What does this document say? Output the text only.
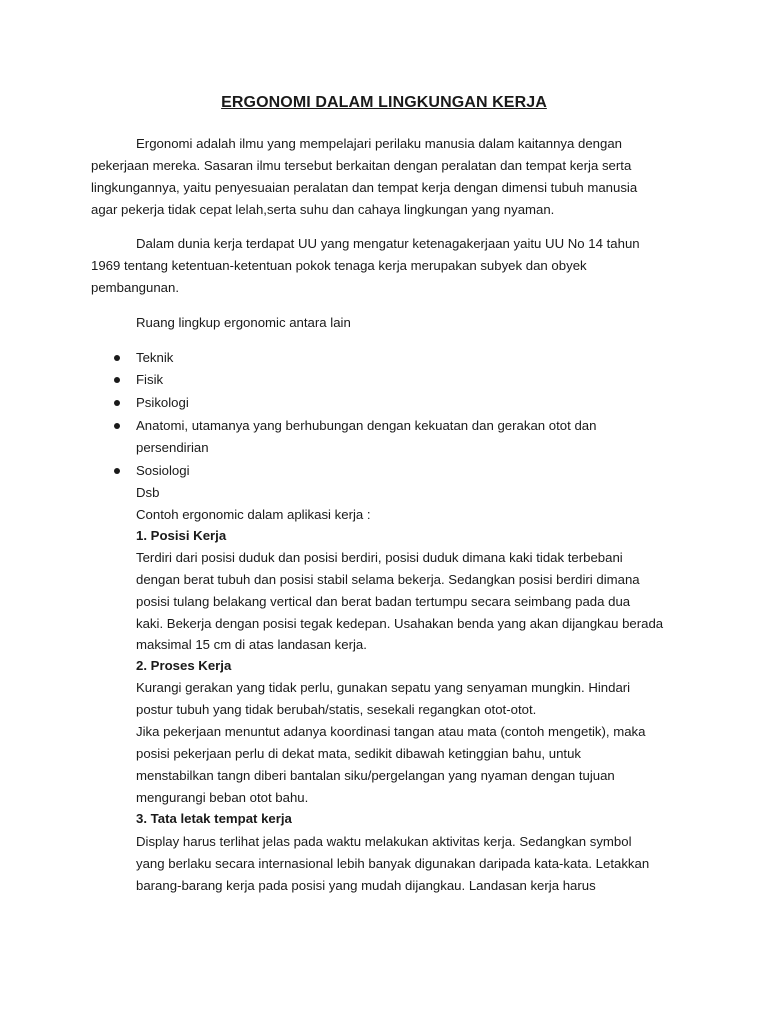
ERGONOMI DALAM LINGKUNGAN KERJA
Ergonomi adalah ilmu yang mempelajari perilaku manusia dalam kaitannya dengan
pekerjaan mereka. Sasaran ilmu tersebut berkaitan dengan peralatan dan tempat kerja serta
lingkungannya, yaitu penyesuaian peralatan dan tempat kerja dengan dimensi tubuh manusia
agar pekerja tidak cepat lelah,serta suhu dan cahaya lingkungan yang nyaman.
Dalam dunia kerja terdapat UU yang mengatur ketenagakerjaan yaitu UU No 14 tahun
1969 tentang ketentuan-ketentuan pokok tenaga kerja merupakan subyek dan obyek
pembangunan.
Ruang lingkup ergonomic antara lain
Teknik
Fisik
Psikologi
Anatomi, utamanya yang berhubungan dengan kekuatan dan gerakan otot dan
persendirian
Sosiologi
Dsb
Contoh ergonomic dalam aplikasi kerja :
1. Posisi Kerja
Terdiri dari posisi duduk dan posisi berdiri, posisi duduk dimana kaki tidak terbebani
dengan berat tubuh dan posisi stabil selama bekerja. Sedangkan posisi berdiri dimana
posisi tulang belakang vertical dan berat badan tertumpu secara seimbang pada dua
kaki. Bekerja dengan posisi tegak kedepan. Usahakan benda yang akan dijangkau berada
maksimal 15 cm di atas landasan kerja.
2. Proses Kerja
Kurangi gerakan yang tidak perlu, gunakan sepatu yang senyaman mungkin. Hindari
postur tubuh yang tidak berubah/statis, sesekali regangkan otot-otot.
Jika pekerjaan menuntut adanya koordinasi tangan atau mata (contoh mengetik), maka
posisi pekerjaan perlu di dekat mata, sedikit dibawah ketinggian bahu, untuk
menstabilkan tangn diberi bantalan siku/pergelangan yang nyaman dengan tujuan
mengurangi beban otot bahu.
3. Tata letak tempat kerja
Display harus terlihat jelas pada waktu melakukan aktivitas kerja. Sedangkan symbol
yang berlaku secara internasional lebih banyak digunakan daripada kata-kata. Letakkan
barang-barang kerja pada posisi yang mudah dijangkau. Landasan kerja harus
